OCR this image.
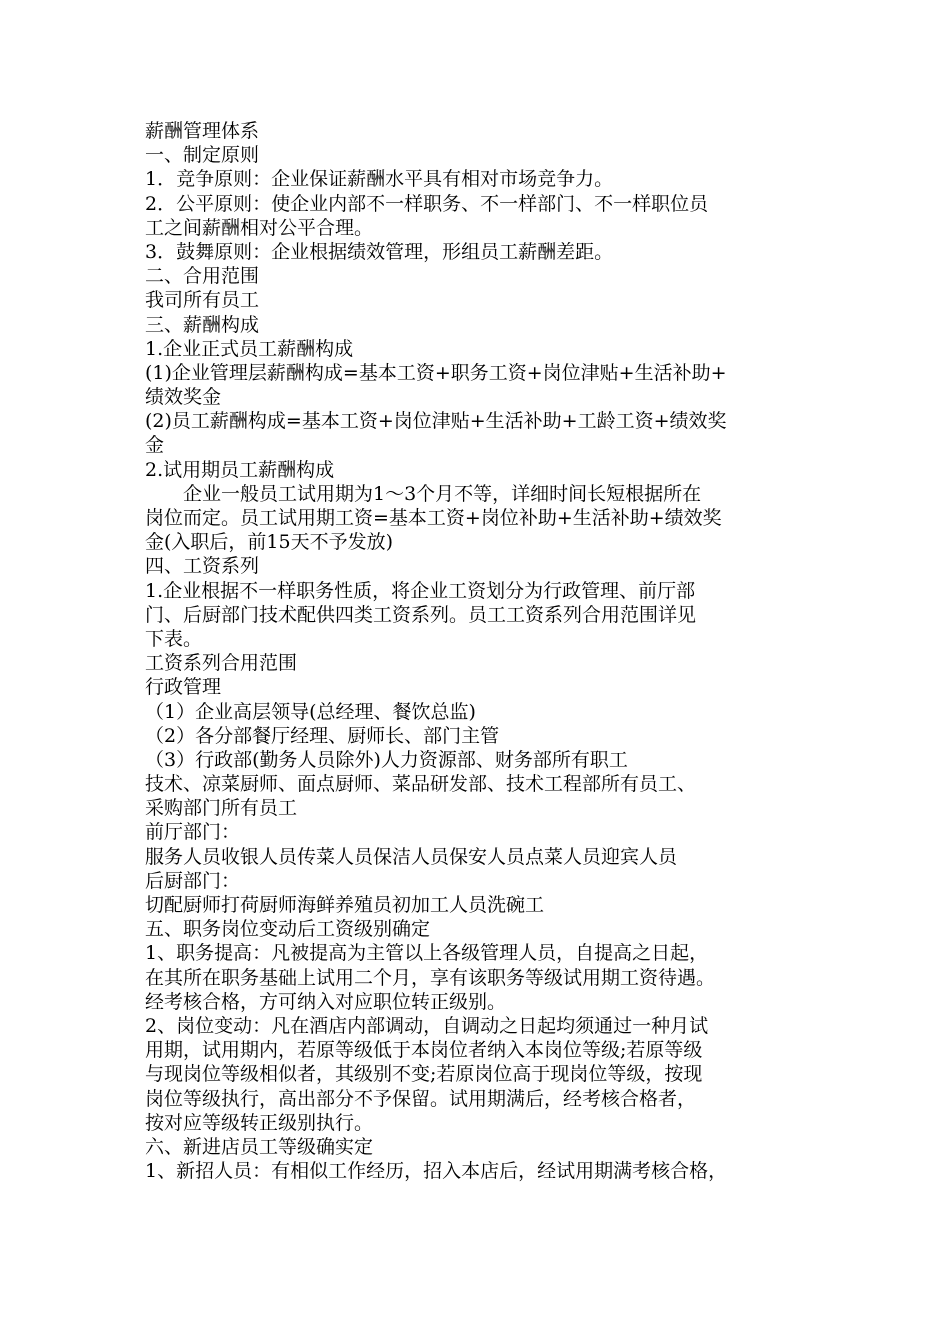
薪酬管理体系
一、制定原则
1．竞争原则：企业保证薪酬水平具有相对市场竞争力。
2．公平原则：使企业内部不一样职务、不一样部门、不一样职位员
工之间薪酬相对公平合理。
3．鼓舞原则：企业根据绩效管理，形组员工薪酬差距。
二、合用范围
我司所有员工
三、薪酬构成
1.企业正式员工薪酬构成
(1)企业管理层薪酬构成=基本工资+职务工资+岗位津贴+生活补助+
绩效奖金
(2)员工薪酬构成=基本工资+岗位津贴+生活补助+工龄工资+绩效奖
金
2.试用期员工薪酬构成
企业一般员工试用期为1～3个月不等，详细时间长短根据所在
岗位而定。员工试用期工资=基本工资+岗位补助+生活补助+绩效奖
金(入职后，前15天不予发放)
四、工资系列
1.企业根据不一样职务性质，将企业工资划分为行政管理、前厅部
门、后厨部门技术配供四类工资系列。员工工资系列合用范围详见
下表。
工资系列合用范围
行政管理
（1）企业高层领导(总经理、餐饮总监)
（2）各分部餐厅经理、厨师长、部门主管
（3）行政部(勤务人员除外)人力资源部、财务部所有职工
技术、凉菜厨师、面点厨师、菜品研发部、技术工程部所有员工、
采购部门所有员工
前厅部门：
服务人员收银人员传菜人员保洁人员保安人员点菜人员迎宾人员
后厨部门：
切配厨师打荷厨师海鲜养殖员初加工人员洗碗工
五、职务岗位变动后工资级别确定
1、职务提高：凡被提高为主管以上各级管理人员，自提高之日起，
在其所在职务基础上试用二个月，享有该职务等级试用期工资待遇。
经考核合格，方可纳入对应职位转正级别。
2、岗位变动：凡在酒店内部调动，自调动之日起均须通过一种月试
用期，试用期内，若原等级低于本岗位者纳入本岗位等级;若原等级
与现岗位等级相似者，其级别不变;若原岗位高于现岗位等级，按现
岗位等级执行，高出部分不予保留。试用期满后，经考核合格者，
按对应等级转正级别执行。
六、新进店员工等级确实定
1、新招人员：有相似工作经历，招入本店后，经试用期满考核合格，
